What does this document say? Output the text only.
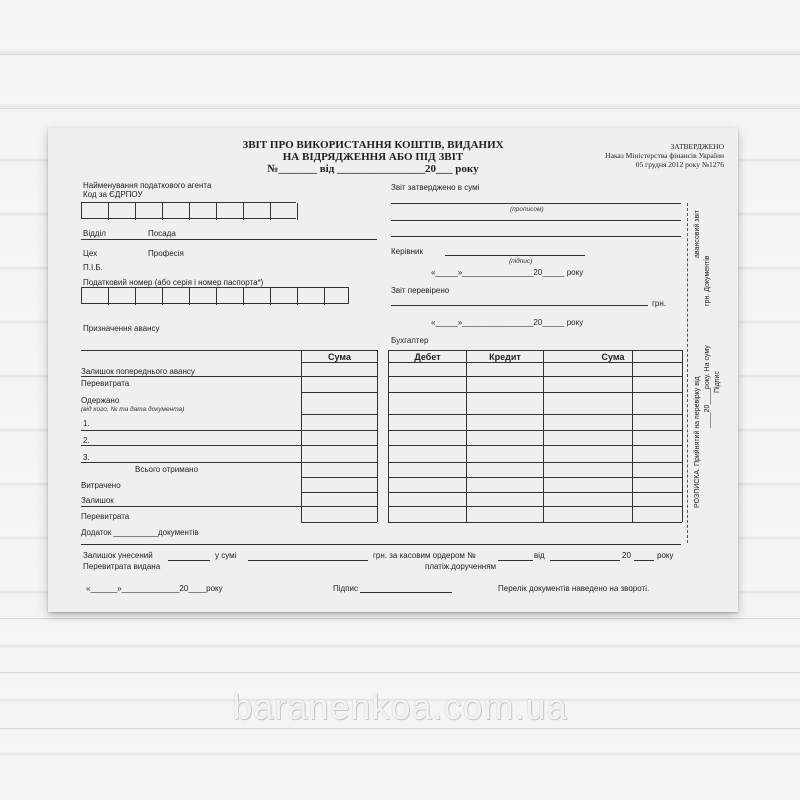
ЗВІТ ПРО ВИКОРИСТАННЯ КОШТІВ, ВИДАНИХ
НА ВІДРЯДЖЕННЯ АБО ПІД ЗВІТ
№_______ від ________________20___ року
ЗАТВЕРДЖЕНО
Наказ Міністерства фінансів України
05 грудня 2012 року №1276
Найменування податкового агента
Код за ЄДРПОУ
Відділ	Посада
Цех	Професія
П.І.Б.
Податковий номер (або серія і номер паспорта*)
Призначення авансу
Сума
Залишок попереднього авансу
Перевитрата
Одержано
(від кого, № та дата документа)
1.
2.
3.
Всього отримано
Витрачено
Залишок
Перевитрата
Додаток __________документів
Звіт затверджено в сумі
(прописом)
Керівник
(підпис)
«_____»________________20_____ року
Звіт перевірено
грн.
«_____»________________20_____ року
Бухгалтер
Дебет	Кредит	Сума
РОЗПИСКА. Прийнятий на перевірку від ____20____року. На суму Підпис
авансовий звіт
грн. Документів
Залишок унесений	у сумі	грн. за касовим ордером №	від	20	року
Перевитрата видана	платіж.дорученням
«______»_____________20____року	Підпис	Перелік документів наведено на звороті.
baranenkoa.com.ua
